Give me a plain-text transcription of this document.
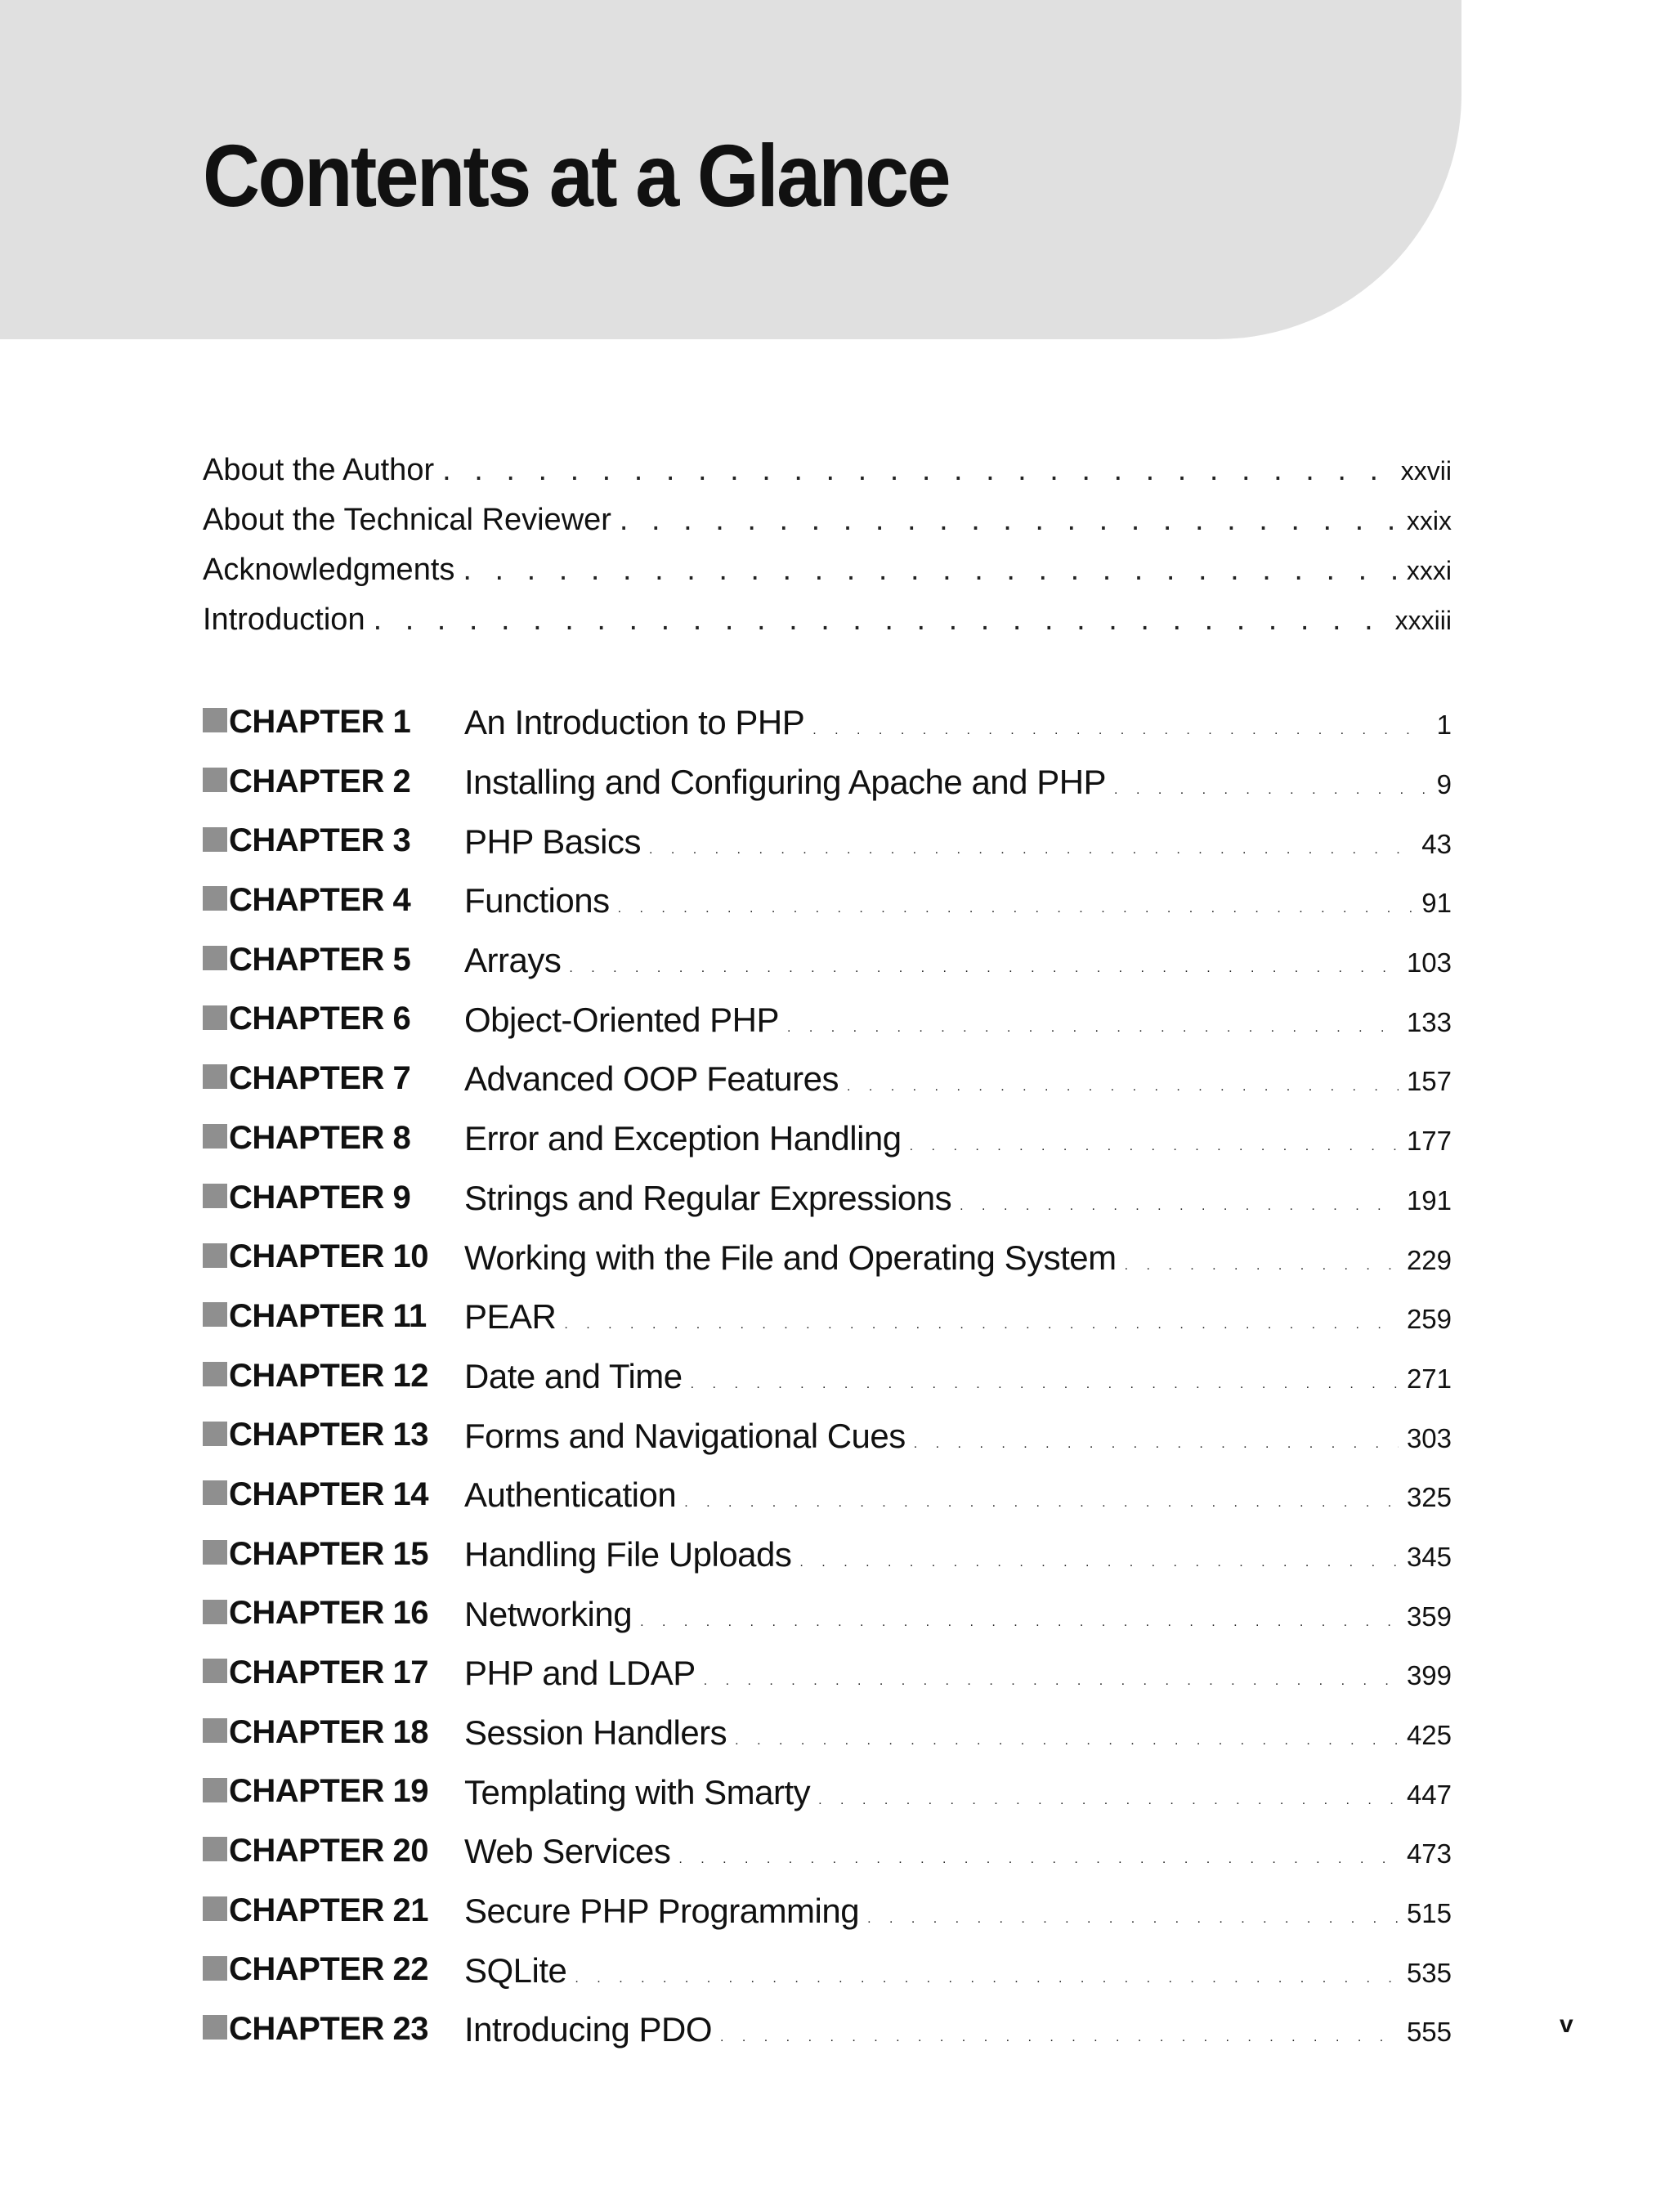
Contents at a Glance
About the Author . . .	xxvii
About the Technical Reviewer . . .	xxix
Acknowledgments . . .	xxxi
Introduction . . .	xxxiii
CHAPTER 1 An Introduction to PHP . . .	1
CHAPTER 2 Installing and Configuring Apache and PHP . . .	9
CHAPTER 3 PHP Basics . . .	43
CHAPTER 4 Functions . . .	91
CHAPTER 5 Arrays . . .	103
CHAPTER 6 Object-Oriented PHP . . .	133
CHAPTER 7 Advanced OOP Features . . .	157
CHAPTER 8 Error and Exception Handling . . .	177
CHAPTER 9 Strings and Regular Expressions . . .	191
CHAPTER 10 Working with the File and Operating System . . .	229
CHAPTER 11 PEAR . . .	259
CHAPTER 12 Date and Time . . .	271
CHAPTER 13 Forms and Navigational Cues . . .	303
CHAPTER 14 Authentication . . .	325
CHAPTER 15 Handling File Uploads . . .	345
CHAPTER 16 Networking . . .	359
CHAPTER 17 PHP and LDAP . . .	399
CHAPTER 18 Session Handlers . . .	425
CHAPTER 19 Templating with Smarty . . .	447
CHAPTER 20 Web Services . . .	473
CHAPTER 21 Secure PHP Programming . . .	515
CHAPTER 22 SQLite . . .	535
CHAPTER 23 Introducing PDO . . .	555	v
